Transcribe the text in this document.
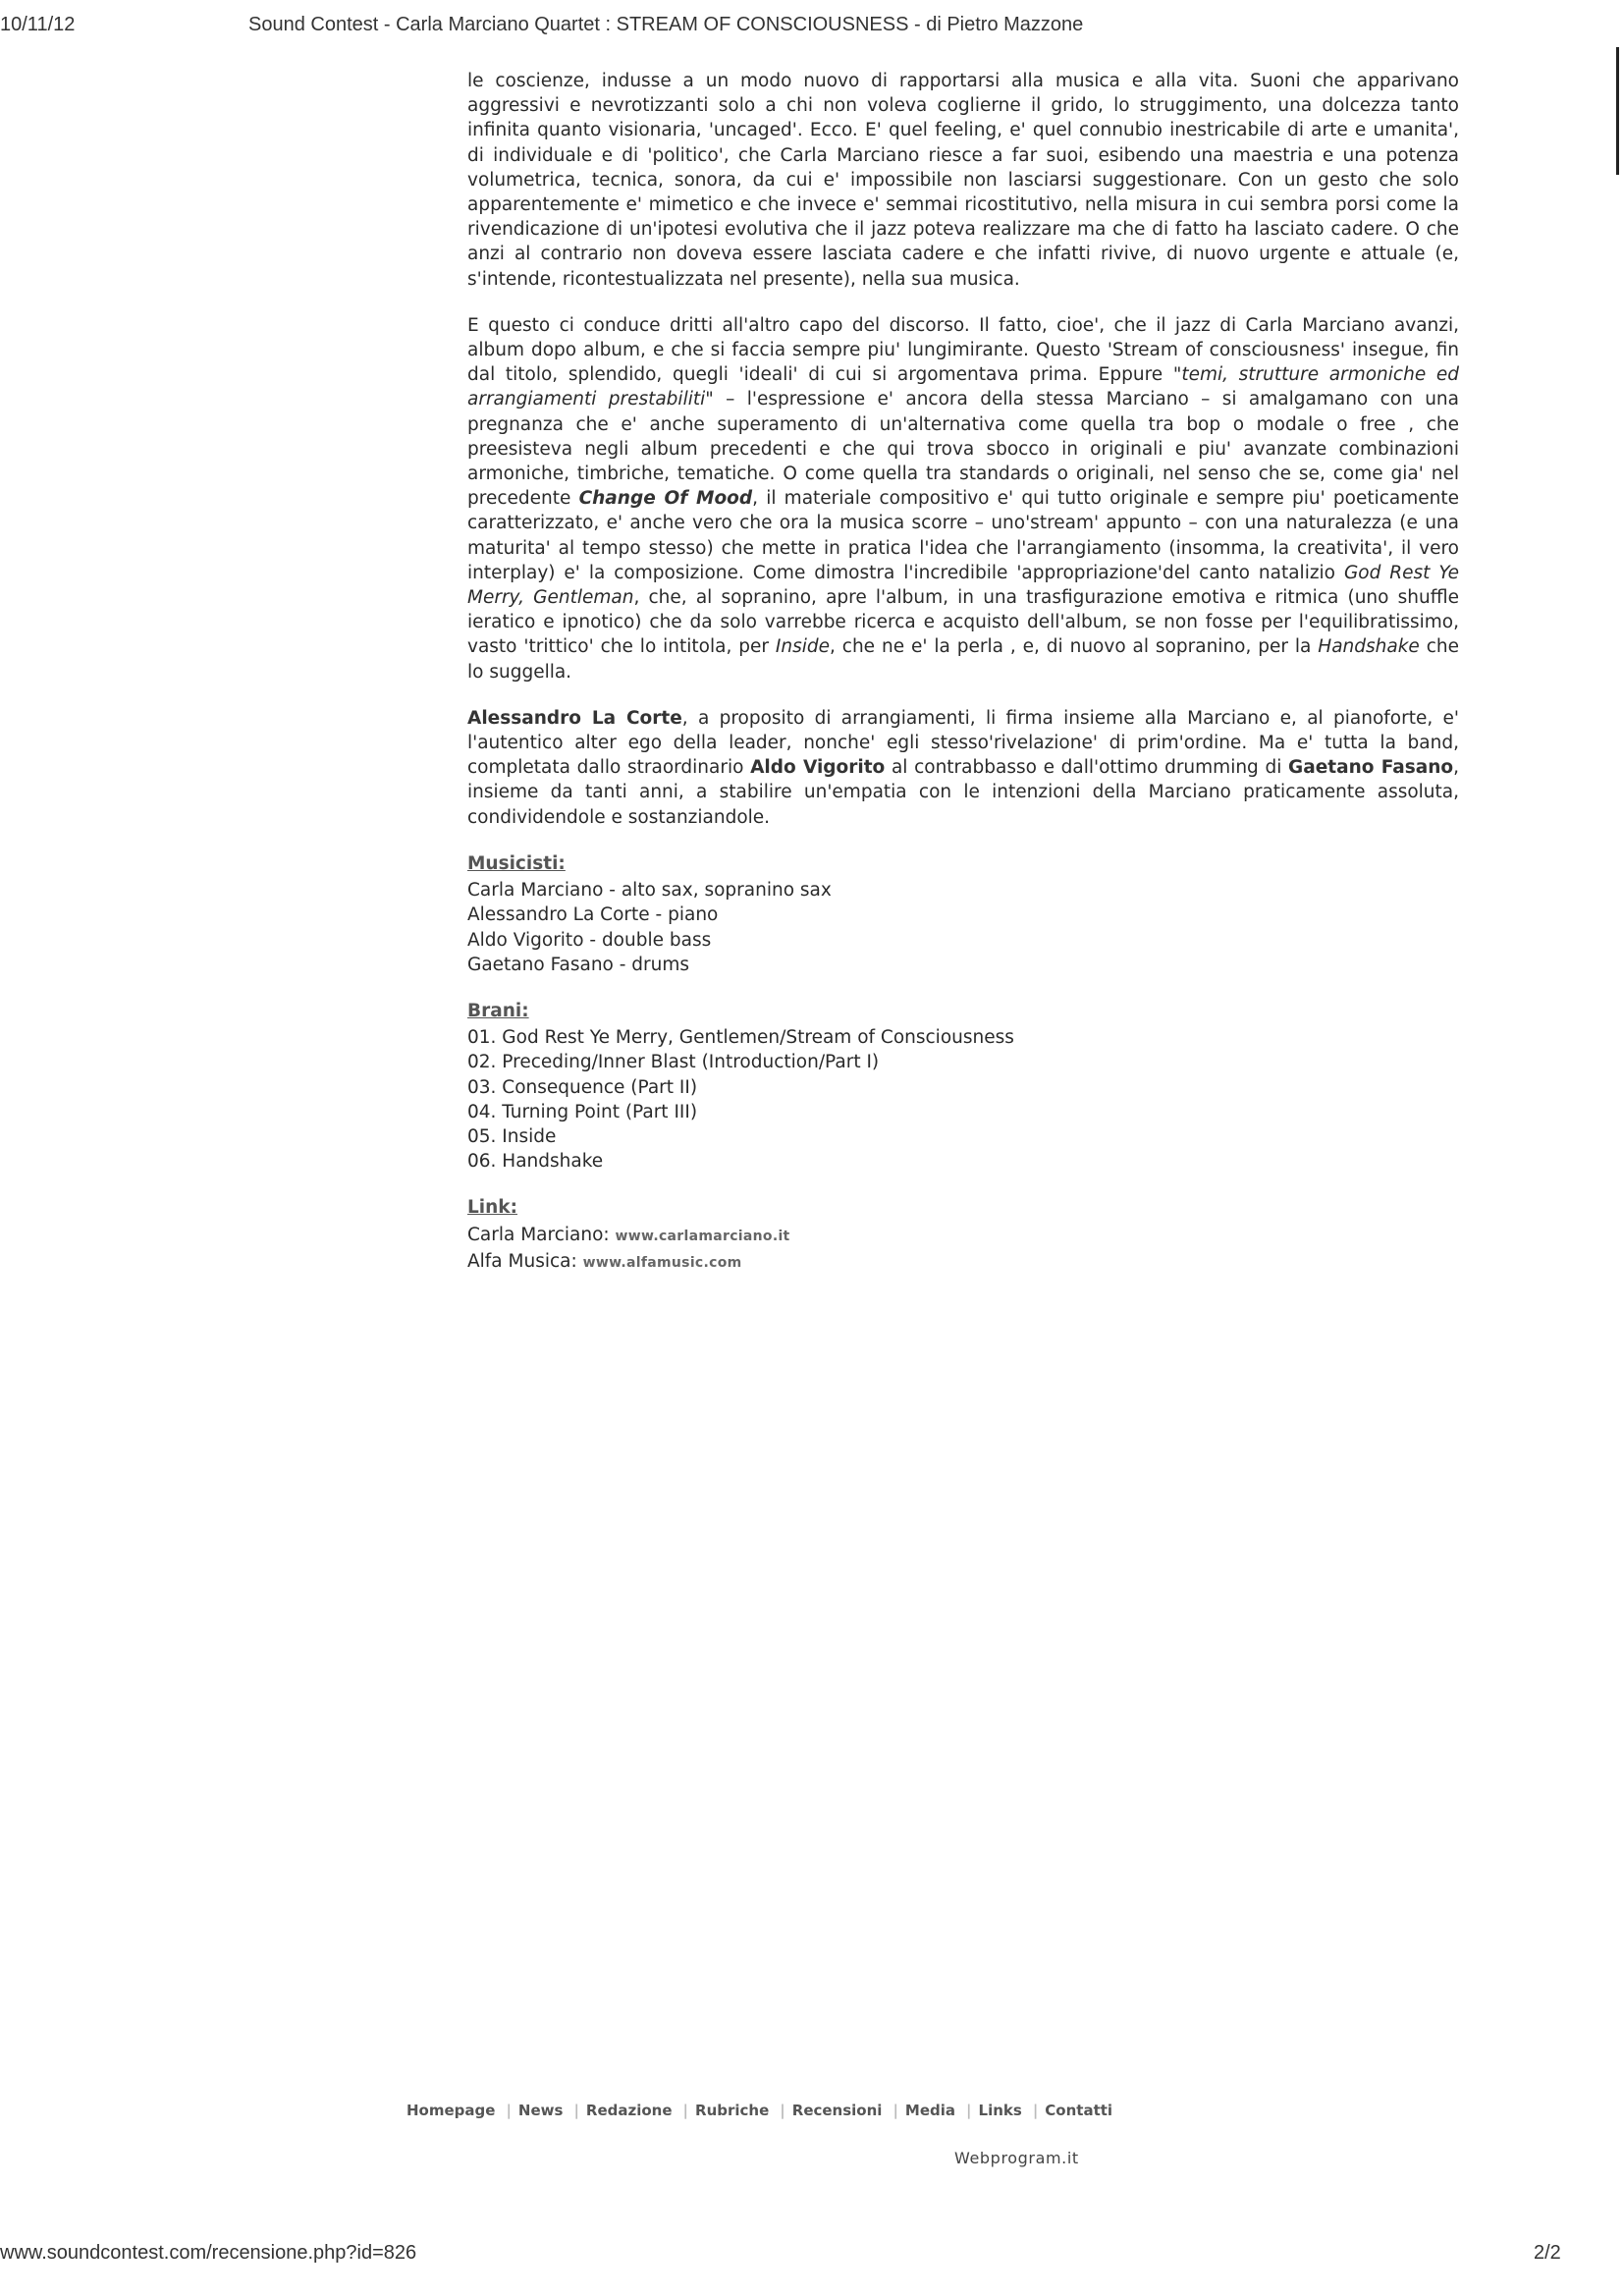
10/11/12	Sound Contest - Carla Marciano Quartet : STREAM OF CONSCIOUSNESS - di Pietro Mazzone

le coscienze, indusse a un modo nuovo di rapportarsi alla musica e alla vita. Suoni che apparivano aggressivi e nevrotizzanti solo a chi non voleva coglierne il grido, lo struggimento, una dolcezza tanto infinita quanto visionaria, 'uncaged'. Ecco. E' quel feeling, e' quel connubio inestricabile di arte e umanita', di individuale e di 'politico', che Carla Marciano riesce a far suoi, esibendo una maestria e una potenza volumetrica, tecnica, sonora, da cui e' impossibile non lasciarsi suggestionare. Con un gesto che solo apparentemente e' mimetico e che invece e' semmai ricostitutivo, nella misura in cui sembra porsi come la rivendicazione di un'ipotesi evolutiva che il jazz poteva realizzare ma che di fatto ha lasciato cadere. O che anzi al contrario non doveva essere lasciata cadere e che infatti rivive, di nuovo urgente e attuale (e, s'intende, ricontestualizzata nel presente), nella sua musica.

E questo ci conduce dritti all'altro capo del discorso. Il fatto, cioe', che il jazz di Carla Marciano avanzi, album dopo album, e che si faccia sempre piu' lungimirante. Questo 'Stream of consciousness' insegue, fin dal titolo, splendido, quegli 'ideali' di cui si argomentava prima. Eppure "temi, strutture armoniche ed arrangiamenti prestabiliti" – l'espressione e' ancora della stessa Marciano – si amalgamano con una pregnanza che e' anche superamento di un'alternativa come quella tra bop o modale o free , che preesisteva negli album precedenti e che qui trova sbocco in originali e piu' avanzate combinazioni armoniche, timbriche, tematiche. O come quella tra standards o originali, nel senso che se, come gia' nel precedente Change Of Mood, il materiale compositivo e' qui tutto originale e sempre piu' poeticamente caratterizzato, e' anche vero che ora la musica scorre – uno'stream' appunto – con una naturalezza (e una maturita' al tempo stesso) che mette in pratica l'idea che l'arrangiamento (insomma, la creativita', il vero interplay) e' la composizione. Come dimostra l'incredibile 'appropriazione'del canto natalizio God Rest Ye Merry, Gentleman, che, al sopranino, apre l'album, in una trasfigurazione emotiva e ritmica (uno shuffle ieratico e ipnotico) che da solo varrebbe ricerca e acquisto dell'album, se non fosse per l'equilibratissimo, vasto 'trittico' che lo intitola, per Inside, che ne e' la perla , e, di nuovo al sopranino, per la Handshake che lo suggella.

Alessandro La Corte, a proposito di arrangiamenti, li firma insieme alla Marciano e, al pianoforte, e' l'autentico alter ego della leader, nonche' egli stesso'rivelazione' di prim'ordine. Ma e' tutta la band, completata dallo straordinario Aldo Vigorito al contrabbasso e dall'ottimo drumming di Gaetano Fasano, insieme da tanti anni, a stabilire un'empatia con le intenzioni della Marciano praticamente assoluta, condividendole e sostanziandole.

Musicisti:
Carla Marciano - alto sax, sopranino sax
Alessandro La Corte - piano
Aldo Vigorito - double bass
Gaetano Fasano - drums
Brani:
01. God Rest Ye Merry, Gentlemen/Stream of Consciousness
02. Preceding/Inner Blast (Introduction/Part I)
03. Consequence (Part II)
04. Turning Point (Part III)
05. Inside
06. Handshake
Link:
Carla Marciano: www.carlamarciano.it
Alfa Musica: www.alfamusic.com
Homepage | News | Redazione | Rubriche | Recensioni | Media | Links | Contatti
Webprogram.it
www.soundcontest.com/recensione.php?id=826	2/2
